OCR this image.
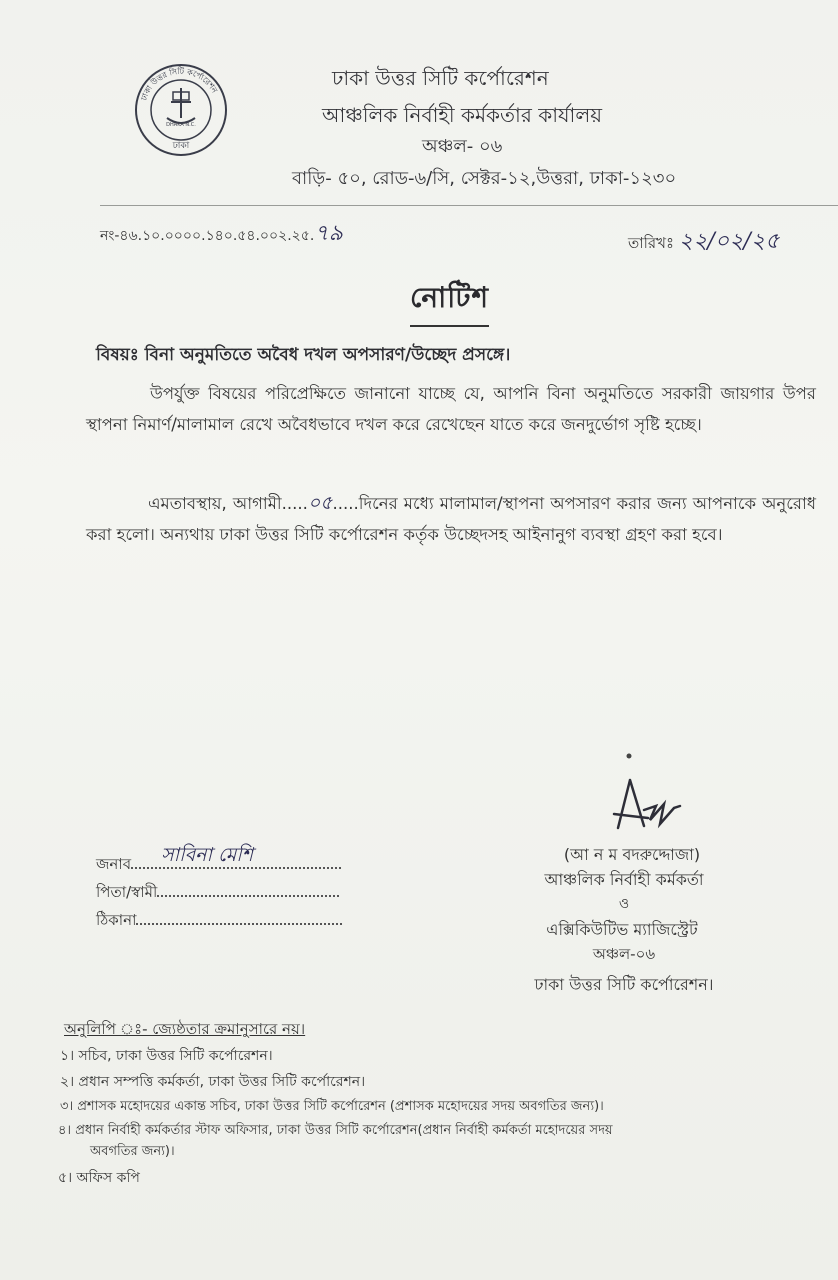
ঢাকা উত্তর সিটি কর্পোরেশন
ঢাকা
DHAKA N.C.
ঢাকা উত্তর সিটি কর্পোরেশন
আঞ্চলিক নির্বাহী কর্মকর্তার কার্যালয়
অঞ্চল- ০৬
বাড়ি- ৫০, রোড-৬/সি, সেক্টর-১২,উত্তরা, ঢাকা-১২৩০
নং-৪৬.১০.০০০০.১৪০.৫৪.০০২.২৫.৭৯	তারিখঃ ২২/০২/২৫
নোটিশ
বিষয়ঃ বিনা অনুমতিতে অবৈধ দখল অপসারণ/উচ্ছেদ প্রসঙ্গে।
উপর্যুক্ত বিষয়ের পরিপ্রেক্ষিতে জানানো যাচ্ছে যে, আপনি বিনা অনুমতিতে সরকারী জায়গার উপর স্থাপনা নিমার্ণ/মালামাল রেখে অবৈধভাবে দখল করে রেখেছেন যাতে করে জনদুর্ভোগ সৃষ্টি হচ্ছে।
এমতাবস্থায়, আগামী.....০৫.....দিনের মধ্যে মালামাল/স্থাপনা অপসারণ করার জন্য আপনাকে অনুরোধ করা হলো। অন্যথায় ঢাকা উত্তর সিটি কর্পোরেশন কর্তৃক উচ্ছেদসহ আইনানুগ ব্যবস্থা গ্রহণ করা হবে।
(আ ন ম বদরুদ্দোজা)
আঞ্চলিক নির্বাহী কর্মকর্তা
ও
এক্সিকিউটিভ ম্যাজিস্ট্রেট
অঞ্চল-০৬
ঢাকা উত্তর সিটি কর্পোরেশন।
জনাব সাবিনা মেশি
পিতা/স্বামী
ঠিকানা
অনুলিপি ঃ- জ্যেষ্ঠতার ক্রমানুসারে নয়।
১। সচিব, ঢাকা উত্তর সিটি কর্পোরেশন।
২। প্রধান সম্পত্তি কর্মকর্তা, ঢাকা উত্তর সিটি কর্পোরেশন।
৩। প্রশাসক মহোদয়ের একান্ত সচিব, ঢাকা উত্তর সিটি কর্পোরেশন (প্রশাসক মহোদয়ের সদয় অবগতির জন্য)।
৪। প্রধান নির্বাহী কর্মকর্তার স্টাফ অফিসার, ঢাকা উত্তর সিটি কর্পোরেশন(প্রধান নির্বাহী কর্মকর্তা মহোদয়ের সদয়
অবগতির জন্য)।
৫। অফিস কপি
